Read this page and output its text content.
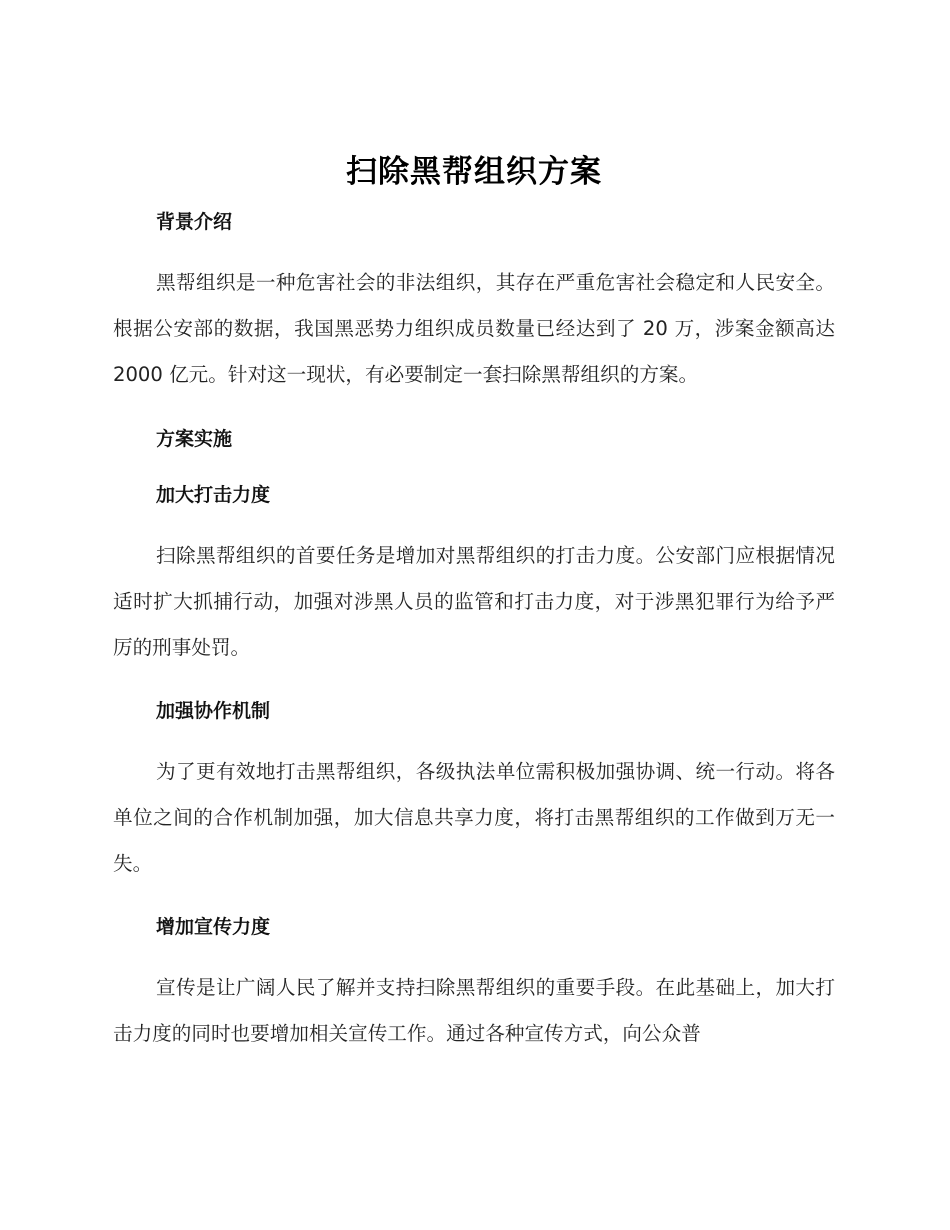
扫除黑帮组织方案
背景介绍

黑帮组织是一种危害社会的非法组织，其存在严重危害社会稳定和人民安全。根据公安部的数据，我国黑恶势力组织成员数量已经达到了 20 万，涉案金额高达 2000 亿元。针对这一现状，有必要制定一套扫除黑帮组织的方案。

方案实施
加大打击力度

扫除黑帮组织的首要任务是增加对黑帮组织的打击力度。公安部门应根据情况适时扩大抓捕行动，加强对涉黑人员的监管和打击力度，对于涉黑犯罪行为给予严厉的刑事处罚。

加强协作机制

为了更有效地打击黑帮组织，各级执法单位需积极加强协调、统一行动。将各单位之间的合作机制加强，加大信息共享力度，将打击黑帮组织的工作做到万无一失。

增加宣传力度

宣传是让广阔人民了解并支持扫除黑帮组织的重要手段。在此基础上，加大打击力度的同时也要增加相关宣传工作。通过各种宣传方式，向公众普
